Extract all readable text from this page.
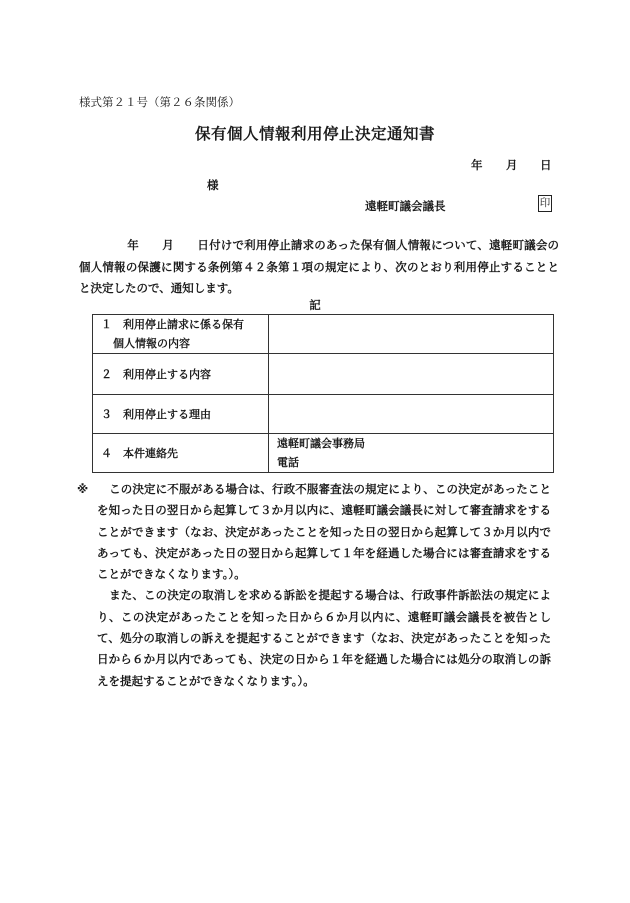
様式第２１号（第２６条関係）
保有個人情報利用停止決定通知書
年 月 日
様
遠軽町議会議長	印
年　　 月　　 日付けで利用停止請求のあった保有個人情報について、遠軽町議会の個人情報の保護に関する条例第４２条第１項の規定により、次のとおり利用停止することとと決定したので、通知します。
記
１　利用停止請求に係る保有
個人情報の内容	

２　利用停止する内容	
３　利用停止する理由	
４　本件連絡先	遠軽町議会事務局
電話
※	この決定に不服がある場合は、行政不服審査法の規定により、この決定があったことを知った日の翌日から起算して３か月以内に、遠軽町議会議長に対して審査請求をすることができます（なお、決定があったことを知った日の翌日から起算して３か月以内であっても、決定があった日の翌日から起算して１年を経過した場合には審査請求をすることができなくなります。）。

また、この決定の取消しを求める訴訟を提起する場合は、行政事件訴訟法の規定により、この決定があったことを知った日から６か月以内に、遠軽町議会議長を被告として、処分の取消しの訴えを提起することができます（なお、決定があったことを知った日から６か月以内であっても、決定の日から１年を経過した場合には処分の取消しの訴えを提起することができなくなります。）。
